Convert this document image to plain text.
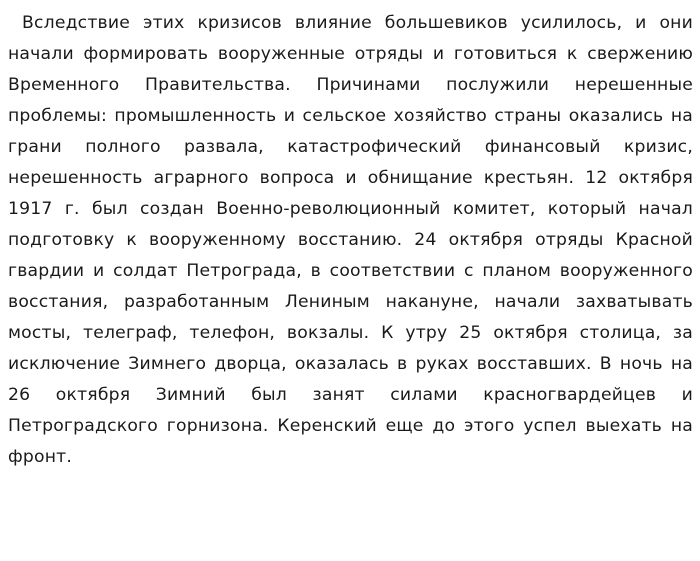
Вследствие этих кризисов влияние большевиков усилилось, и они начали формировать вооруженные отряды и готовиться к свержению Временного Правительства. Причинами послужили нерешенные проблемы: промышленность и сельское хозяйство страны оказались на грани полного развала, катастрофический финансовый кризис, нерешенность аграрного вопроса и обнищание крестьян. 12 октября 1917 г. был создан Военно-революционный комитет, который начал подготовку к вооруженному восстанию. 24 октября отряды Красной гвардии и солдат Петрограда, в соответствии с планом вооруженного восстания, разработанным Лениным накануне, начали захватывать мосты, телеграф, телефон, вокзалы. К утру 25 октября столица, за исключение Зимнего дворца, оказалась в руках восставших. В ночь на 26 октября Зимний был занят силами красногвардейцев и Петроградского горнизона. Керенский еще до этого успел выехать на фронт.
